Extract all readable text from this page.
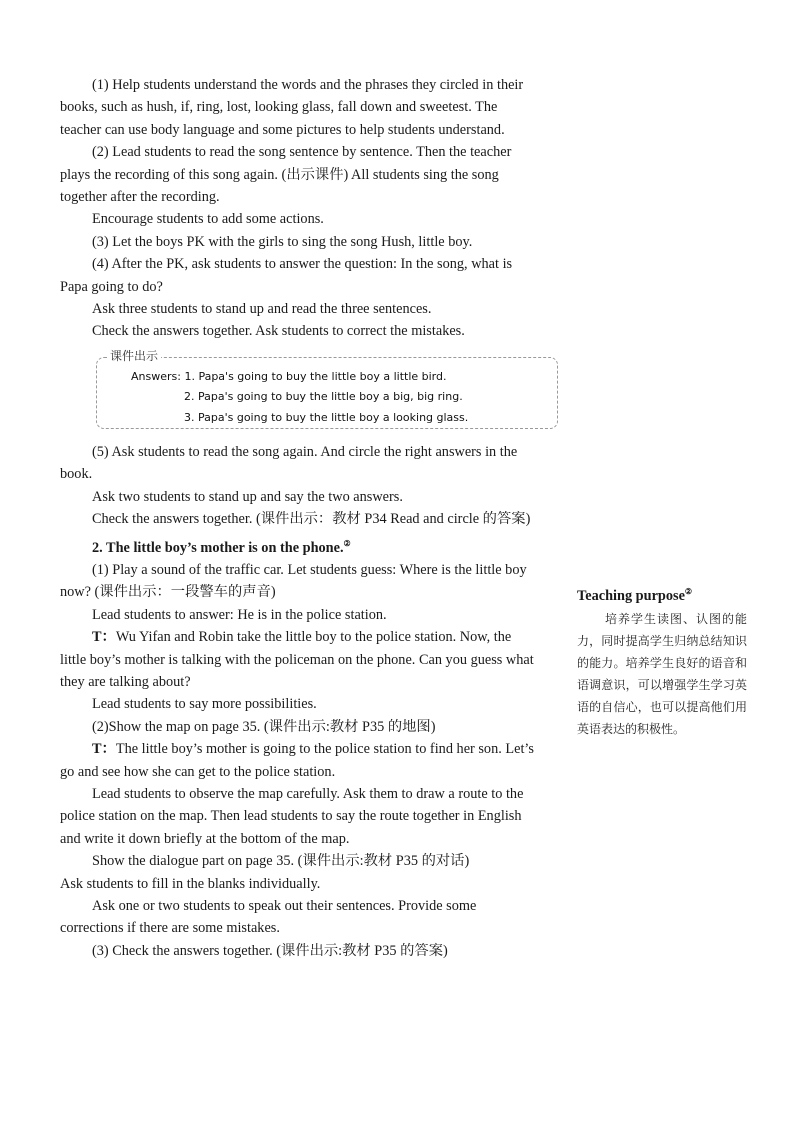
(1) Help students understand the words and the phrases they circled in their books, such as hush, if, ring, lost, looking glass, fall down and sweetest. The teacher can use body language and some pictures to help students understand.

(2) Lead students to read the song sentence by sentence. Then the teacher plays the recording of this song again. (出示课件) All students sing the song together after the recording.

Encourage students to add some actions.

(3) Let the boys PK with the girls to sing the song Hush, little boy.

(4) After the PK, ask students to answer the question: In the song, what is Papa going to do?

Ask three students to stand up and read the three sentences.

Check the answers together. Ask students to correct the mistakes.

课件出示
Answers: 1. Papa's going to buy the little boy a little bird.
2. Papa's going to buy the little boy a big, big ring.
3. Papa's going to buy the little boy a looking glass.

(5) Ask students to read the song again. And circle the right answers in the book.

Ask two students to stand up and say the two answers.

Check the answers together. (课件出示：教材 P34 Read and circle 的答案)

2. The little boy’s mother is on the phone.②

(1) Play a sound of the traffic car. Let students guess: Where is the little boy now? (课件出示：一段警车的声音)

Lead students to answer: He is in the police station.

T：Wu Yifan and Robin take the little boy to the police station. Now, the little boy’s mother is talking with the policeman on the phone. Can you guess what they are talking about?

Lead students to say more possibilities.

(2)Show the map on page 35. (课件出示:教材 P35 的地图)

T：The little boy’s mother is going to the police station to find her son. Let’s go and see how she can get to the police station.

Lead students to observe the map carefully. Ask them to draw a route to the police station on the map. Then lead students to say the route together in English and write it down briefly at the bottom of the map.

Show the dialogue part on page 35. (课件出示:教材 P35 的对话)

Ask students to fill in the blanks individually.

Ask one or two students to speak out their sentences. Provide some corrections if there are some mistakes.

(3) Check the answers together. (课件出示:教材 P35 的答案)

Teaching purpose②

培养学生读图、认图的能力，同时提高学生归纳总结知识的能力。培养学生良好的语音和语调意识，可以增强学生学习英语的自信心，也可以提高他们用英语表达的积极性。
